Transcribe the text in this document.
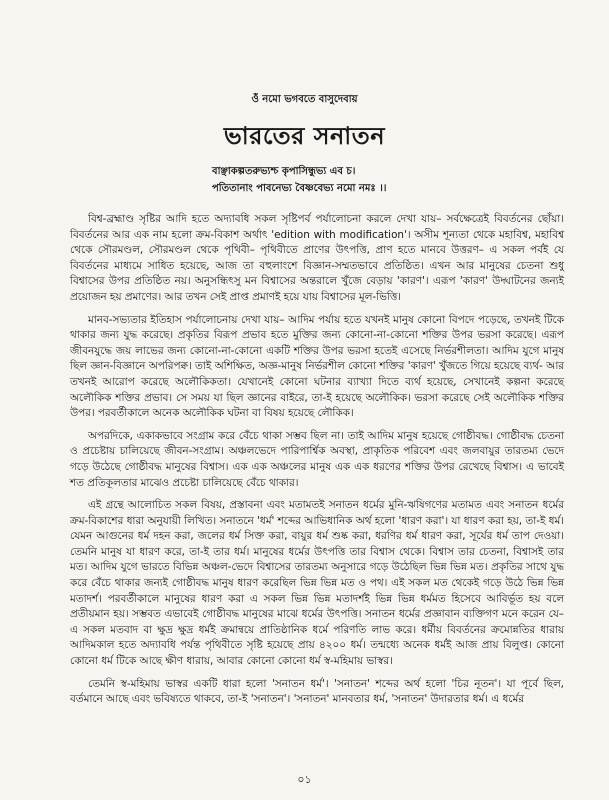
ওঁ নমো ভগবতে বাসুদেবায়
ভারতের সনাতন
বাঞ্ছাকল্পতরুভ্যশ্চ কৃপাসিন্ধুভ্য এব চ।
পতিতানাং পাবনেভ্য বৈষ্ণবেভ্য নমো নমঃ ।।

বিশ্ব-ব্রহ্মাণ্ড সৃষ্টির আদি হতে অদ্যাবধি সকল সৃষ্টিপর্ব পর্যালোচনা করলে দেখা যায়– সর্বক্ষেত্রেই বিবর্তনের ছোঁয়া। বিবর্তনের আর এক নাম হলো ক্রম-বিকাশ অর্থাৎ 'edition with modification'। অসীম শূন্যতা থেকে মহাবিশ্ব, মহাবিশ্ব থেকে সৌরমণ্ডল, সৌরমণ্ডল থেকে পৃথিবী– পৃথিবীতে প্রাণের উৎপত্তি, প্রাণ হতে মানবে উত্তরণ– এ সকল পর্বই যে বিবর্তনের মাধ্যমে সাধিত হয়েছে, আজ তা বহুলাংশে বিজ্ঞান-সম্মতভাবে প্রতিষ্ঠিত। এখন আর মানুষের চেতনা শুধু বিশ্বাসের উপর প্রতিষ্ঠিত নয়। অনুসন্ধিৎসু মন বিশ্বাসের অন্তরালে খুঁজে বেড়ায় 'কারণ'। এরূপ 'কারণ' উদ্ঘাটনের জন্যই প্রয়োজন হয় প্রমাণের। আর তখন সেই প্রাপ্ত প্রমাণই হয়ে যায় বিশ্বাসের মূল-ভিত্তি।

মানব-সভ্যতার ইতিহাস পর্যালোচনায় দেখা যায়– আদিম পর্যায় হতে যখনই মানুষ কোনো বিপদে পড়েছে, তখনই টিকে থাকার জন্য যুদ্ধ করেছে। প্রকৃতির বিরূপ প্রভাব হতে মুক্তির জন্য কোনো-না-কোনো শক্তির উপর ভরসা করেছে। এরূপ জীবনযুদ্ধে জয় লাভের জন্য কোনো-না-কোনো একটি শক্তির উপর ভরসা হতেই এসেছে নির্ভরশীলতা। আদিম যুগে মানুষ ছিল জ্ঞান-বিজ্ঞানে অপরিপক্ব। তাই অশিক্ষিত, অজ্ঞ-মানুষ নির্ভরশীল কোনো শক্তির 'কারণ' খুঁজতে গিয়ে হয়েছে ব্যর্থ- আর তখনই আরোপ করেছে অলৌকিকতা। যেখানেই কোনো ঘটনার ব্যাখ্যা দিতে ব্যর্থ হয়েছে, সেখানেই কল্পনা করেছে অলৌকিক শক্তির প্রভাব। সে সময় যা ছিল জ্ঞানের বাইরে, তা-ই হয়েছে অলৌকিক। ভরসা করেছে সেই অলৌকিক শক্তির উপর। পরবর্তীকালে অনেক অলৌকিক ঘটনা বা বিষয় হয়েছে লৌকিক।

অপরদিকে, একাকভাবে সংগ্রাম করে বেঁচে থাকা সম্ভব ছিল না। তাই আদিম মানুষ হয়েছে গোষ্ঠীবদ্ধ। গোষ্ঠীবদ্ধ চেতনা ও প্রচেষ্টায় চালিয়েছে জীবন-সংগ্রাম। অঞ্চলভেদে পারিপার্শ্বিক অবস্থা, প্রাকৃতিক পরিবেশ এবং জলবায়ুর তারতম্য ভেদে গড়ে উঠেছে গোষ্ঠীবদ্ধ মানুষের বিশ্বাস। এক এক অঞ্চলের মানুষ এক এক ধরণের শক্তির উপর রেখেছে বিশ্বাস। এ ভাবেই শত প্রতিকূলতার মাঝেও প্রচেষ্টা চালিয়েছে বেঁচে থাকার।

এই গ্রন্থে আলোচিত সকল বিষয়, প্রস্তাবনা এবং মতামতই সনাতন ধর্মের মুনি-ঋষিগণের মতামত এবং সনাতন ধর্মের ক্রম-বিকাশের ধারা অনুযায়ী লিখিত। সনাতনে 'ধর্ম' শব্দের আভিধানিক অর্থ হলো 'ধারণ করা'। যা ধারণ করা হয়, তা-ই ধর্ম। যেমন আগুনের ধর্ম দহন করা, জলের ধর্ম সিক্ত করা, বায়ুর ধর্ম শুষ্ক করা, ধরণির ধর্ম ধারণ করা, সূর্যের ধর্ম তাপ দেওয়া। তেমনি মানুষ যা ধারণ করে, তা-ই তার ধর্ম। মানুষের ধর্মের উৎপত্তি তার বিশ্বাস থেকে। বিশ্বাস তার চেতনা, বিশ্বাসই তার মত। আদিম যুগে ভারতে বিভিন্ন অঞ্চল-ভেদে বিশ্বাসের তারতম্য অনুসারে গড়ে উঠেছিল ভিন্ন ভিন্ন মত। প্রকৃতির সাথে যুদ্ধ করে বেঁচে থাকার জন্যই গোষ্ঠীবদ্ধ মানুষ ধারণ করেছিল ভিন্ন ভিন্ন মত ও পথ। এই সকল মত থেকেই গড়ে উঠে ভিন্ন ভিন্ন মতাদর্শ। পরবর্তীকালে মানুষের ধারণ করা এ সকল ভিন্ন ভিন্ন মতাদর্শই ভিন্ন ভিন্ন ধর্মমত হিসেবে আবির্ভূত হয় বলে প্রতীয়মান হয়। সম্ভবত এভাবেই গোষ্ঠীবদ্ধ মানুষের মাঝে ধর্মের উৎপত্তি। সনাতন ধর্মের প্রজ্ঞাবান ব্যক্তিগণ মনে করেন যে– এ সকল মতবাদ বা ক্ষুদ্র ক্ষুদ্র ধর্মই ক্রমান্বয়ে প্রাতিষ্ঠানিক ধর্মে পরিণতি লাভ করে। ধর্মীয় বিবর্তনের ক্রমোন্নতির ধারায় আদিমকাল হতে অদ্যাবধি পর্যন্ত পৃথিবীতে সৃষ্টি হয়েছে প্রায় ৪২০০ ধর্ম। তন্মধ্যে অনেক ধর্মই আজ প্রায় বিলুপ্ত। কোনো কোনো ধর্ম টিকে আছে ক্ষীণ ধারায়, আবার কোনো কোনো ধর্ম স্ব-মহিমায় ভাস্বর।

তেমনি স্ব-মহিমায় ভাস্বর একটি ধারা হলো 'সনাতন ধর্ম'। 'সনাতন' শব্দের অর্থ হলো 'চির নূতন'। যা পূর্বে ছিল, বর্তমানে আছে এবং ভবিষ্যতে থাকবে, তা-ই 'সনাতন'। 'সনাতন' মানবতার ধর্ম, 'সনাতন' উদারতার ধর্ম। এ ধর্মের

০১
